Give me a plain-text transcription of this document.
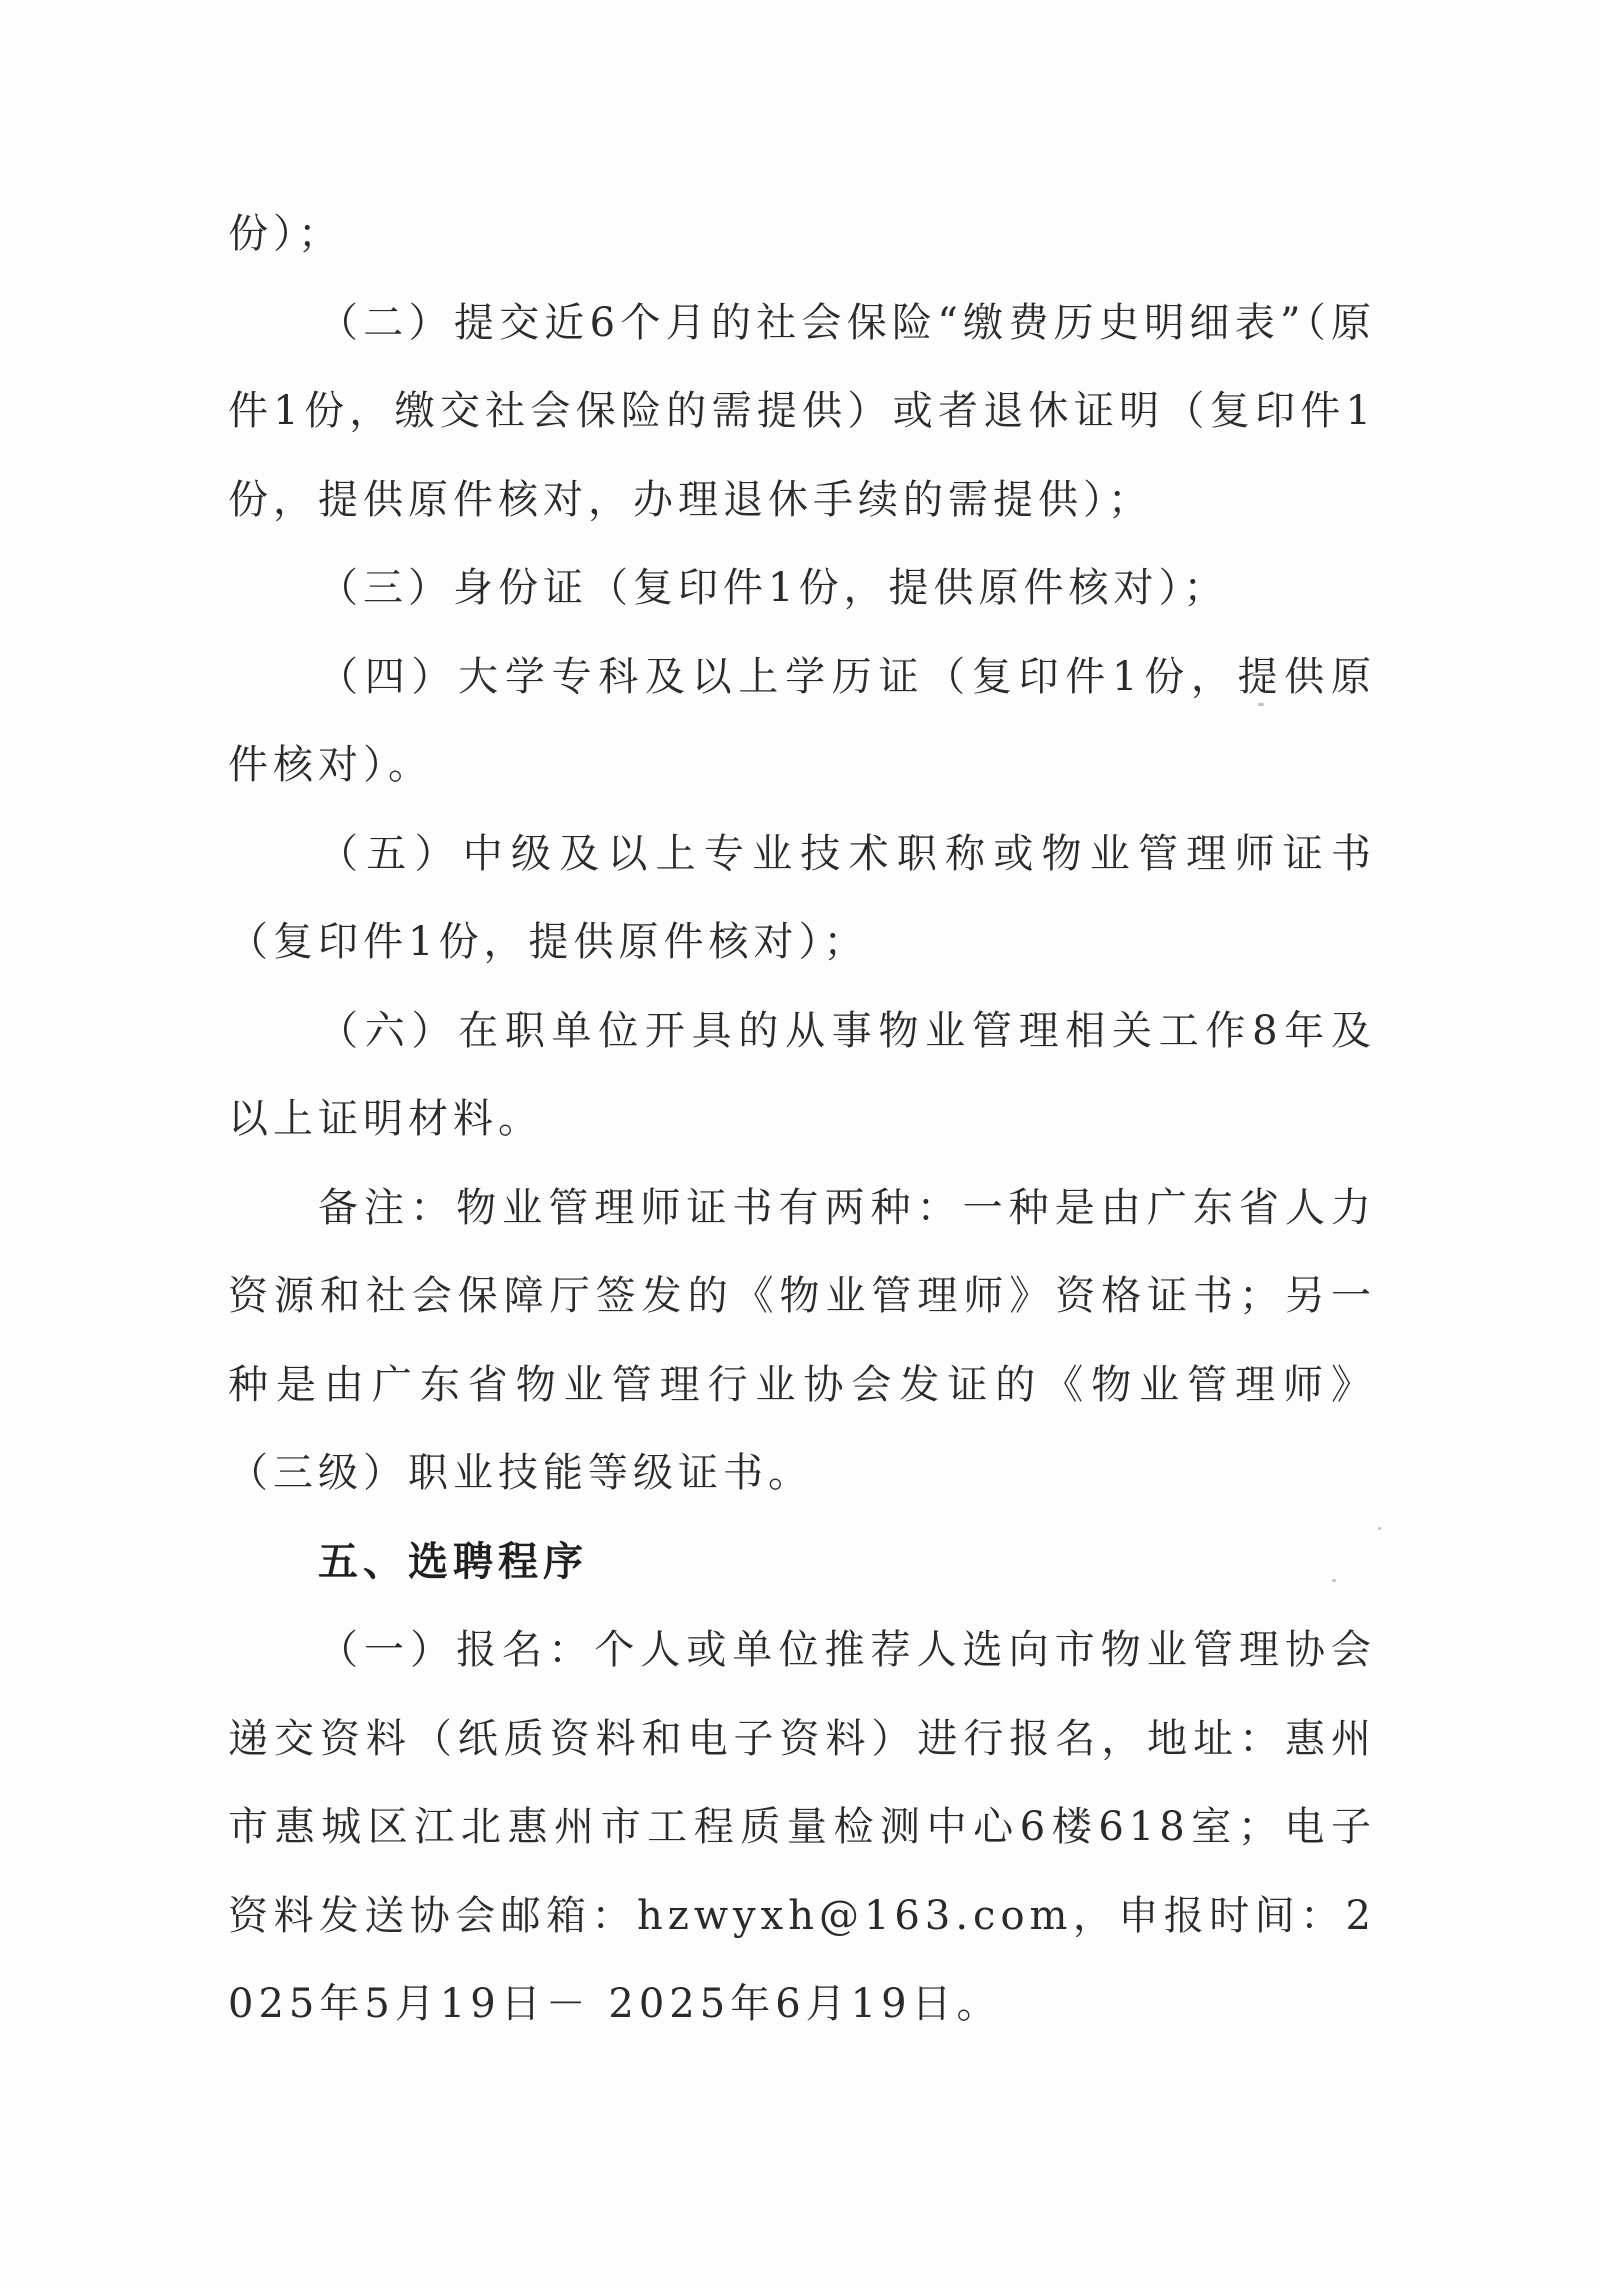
份）；

（二）提交近6个月的社会保险“缴费历史明细表”（原件1份，缴交社会保险的需提供）或者退休证明（复印件1份，提供原件核对，办理退休手续的需提供）；

（三）身份证（复印件1份，提供原件核对）；

（四）大学专科及以上学历证（复印件1份，提供原件核对）。

（五）中级及以上专业技术职称或物业管理师证书（复印件1份，提供原件核对）；

（六）在职单位开具的从事物业管理相关工作8年及以上证明材料。

备注：物业管理师证书有两种：一种是由广东省人力资源和社会保障厅签发的《物业管理师》资格证书；另一种是由广东省物业管理行业协会发证的《物业管理师》（三级）职业技能等级证书。

五、选聘程序

（一）报名：个人或单位推荐人选向市物业管理协会递交资料（纸质资料和电子资料）进行报名，地址：惠州市惠城区江北惠州市工程质量检测中心6楼618室；电子资料发送协会邮箱：hzwyxh@163.com，申报时间：2025年5月19日－ 2025年6月19日。
